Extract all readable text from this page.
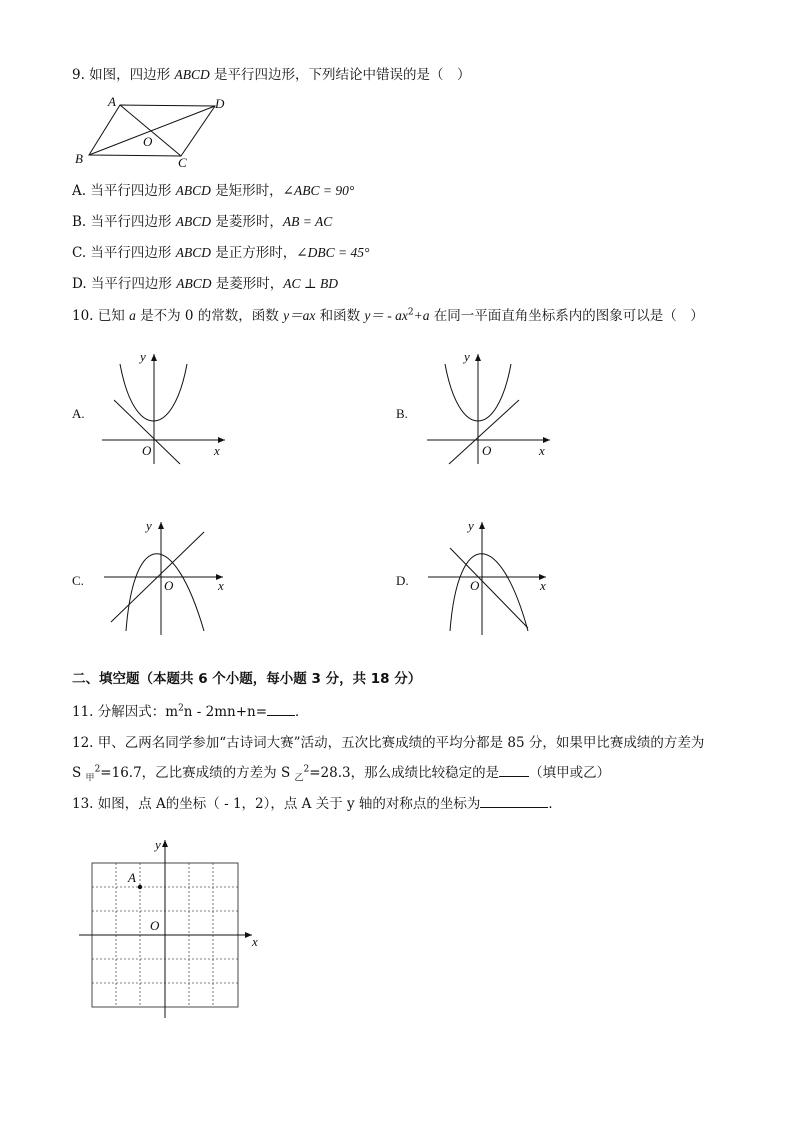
9. 如图，四边形 ABCD 是平行四边形，下列结论中错误的是（　）
A	D
O
B	C
A. 当平行四边形 ABCD 是矩形时，∠ABC = 90°
B. 当平行四边形 ABCD 是菱形时，AB = AC
C. 当平行四边形 ABCD 是正方形时，∠DBC = 45°
D. 当平行四边形 ABCD 是菱形时，AC ⊥ BD
10. 已知 a 是不为 0 的常数，函数 y＝ax 和函数 $y= - ax^2+a$ 在同一平面直角坐标系内的图象可以是（　）
A.	B.
C.	D.
y
x
O
y
x
O
y
x
O
y
x
O
二、填空题（本题共 6 个小题，每小题 3 分，共 18 分）
11. 分解因式：$m^2n - 2mn+n=$ ．
12. 甲、乙两名同学参加“古诗词大赛”活动，五次比赛成绩的平均分都是 85 分，如果甲比赛成绩的方差为
S $_甲^2$=16.7，乙比赛成绩的方差为 S $_乙^2$=28.3，那么成绩比较稳定的是 （填甲或乙）
13. 如图，点 A的坐标（ - 1，2），点 A 关于 y 轴的对称点的坐标为	．
A
O
x
y
